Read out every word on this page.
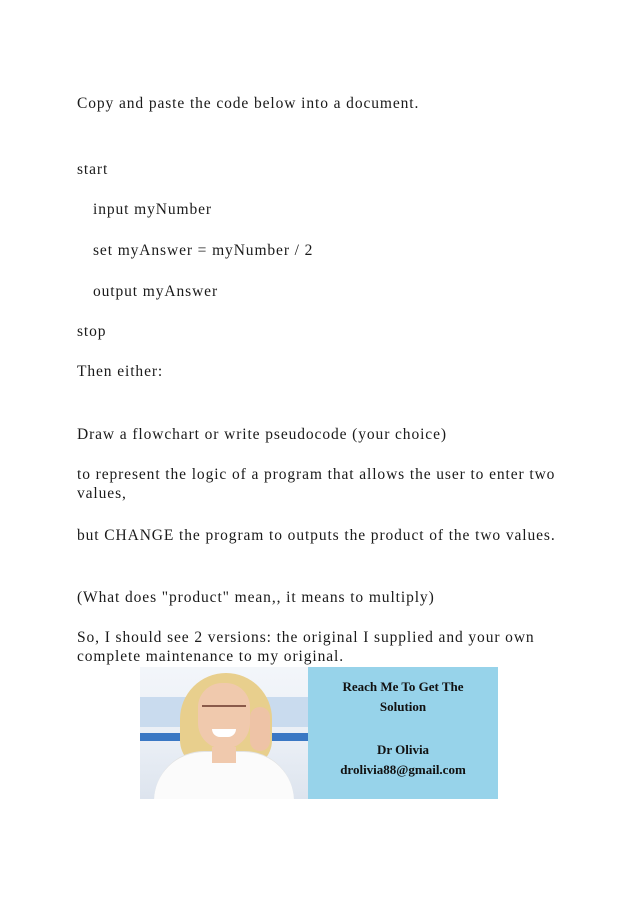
Copy and paste the code below into a document.

start

input myNumber

set myAnswer = myNumber / 2

output myAnswer

stop

Then either:

Draw a flowchart or write pseudocode (your choice)

to represent the logic of a program that allows the user to enter two values,

but CHANGE the program to outputs the product of the two values.

(What does "product" mean,, it means to multiply)

So, I should see 2 versions: the original I supplied and your own complete maintenance to my original.

Reach Me To Get The
Solution
Dr Olivia
drolivia88@gmail.com
